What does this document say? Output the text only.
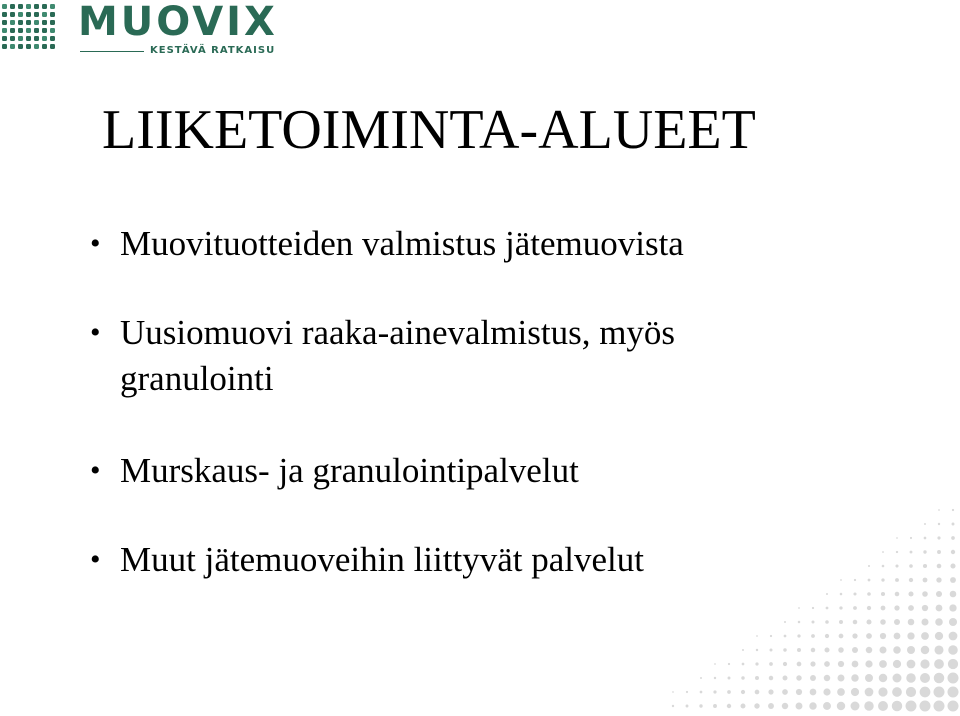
MUOVIX
KESTÄVÄ RATKAISU
LIIKETOIMINTA-ALUEET
• Muovituotteiden valmistus jätemuovista
• Uusiomuovi raaka-ainevalmistus, myös granulointi
• Murskaus- ja granulointipalvelut
• Muut jätemuoveihin liittyvät palvelut
